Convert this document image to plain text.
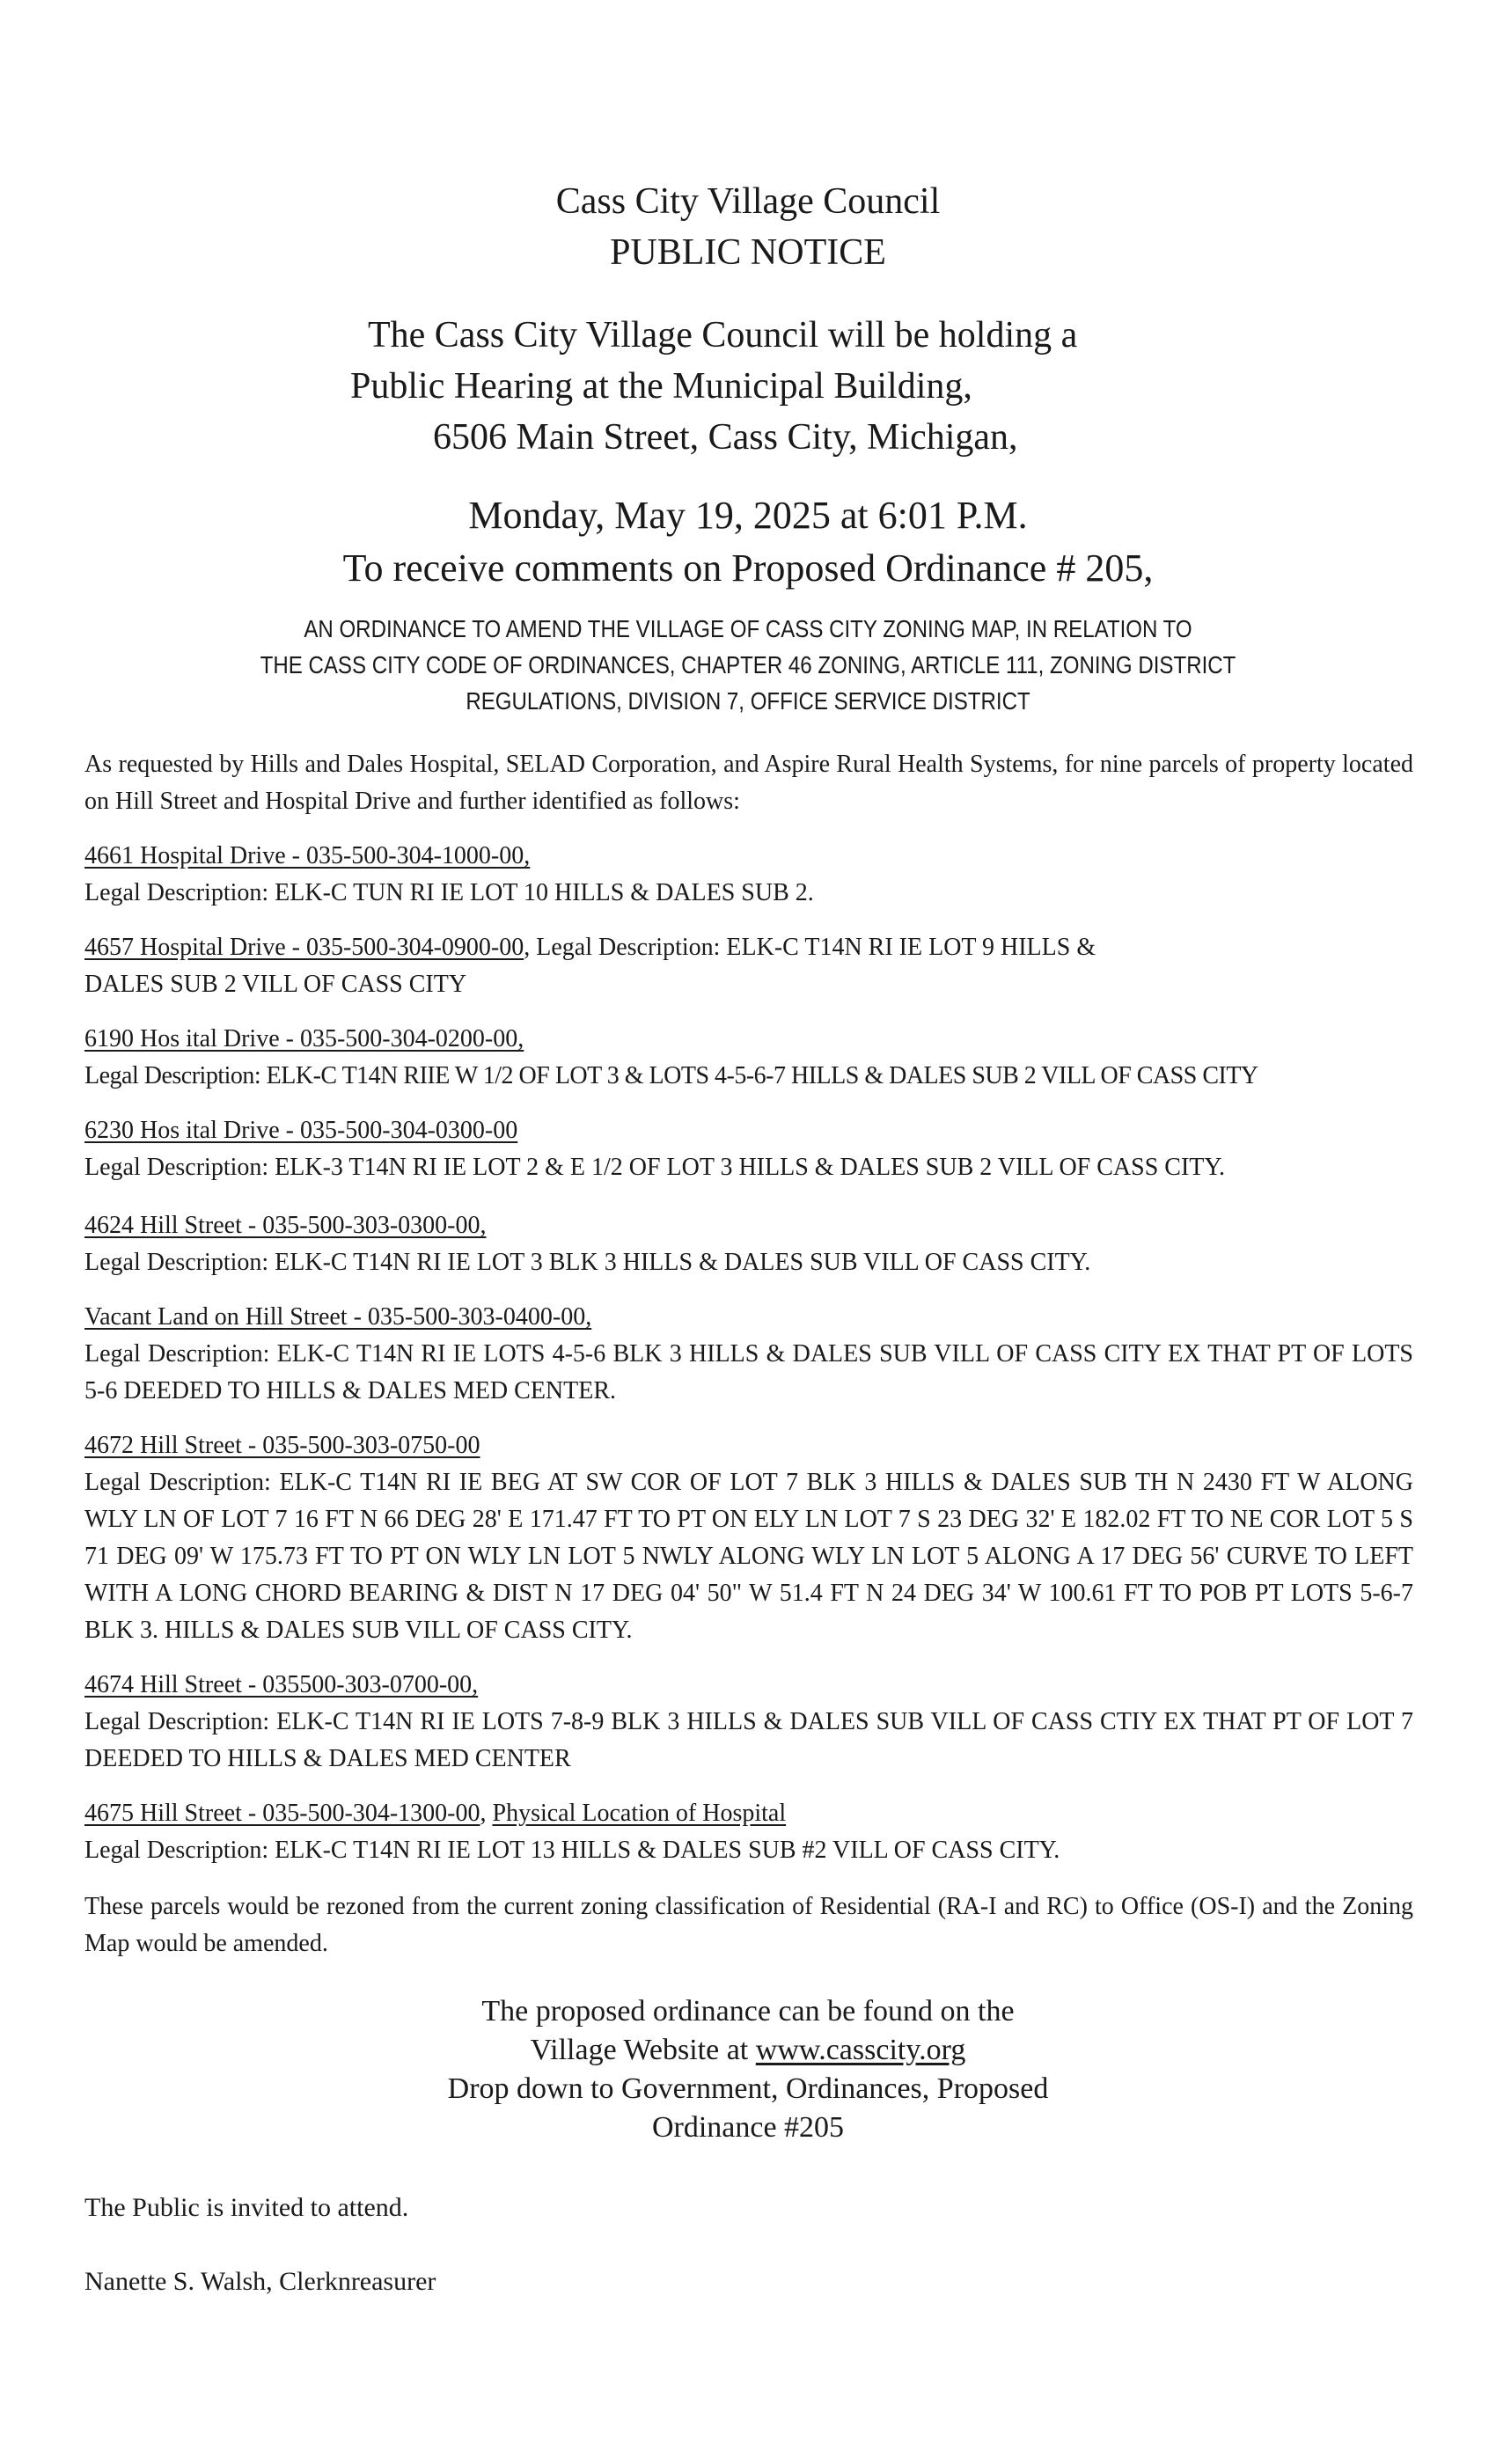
Cass City Village Council
PUBLIC NOTICE
The Cass City Village Council will be holding a
Public Hearing at the Municipal Building,
6506 Main Street, Cass City, Michigan,
Monday, May 19, 2025 at 6:01 P.M.
To receive comments on Proposed Ordinance # 205,
AN ORDINANCE TO AMEND THE VILLAGE OF CASS CITY ZONING MAP, IN RELATION TO
THE CASS CITY CODE OF ORDINANCES, CHAPTER 46 ZONING, ARTICLE 111, ZONING DISTRICT
REGULATIONS, DIVISION 7, OFFICE SERVICE DISTRICT

As requested by Hills and Dales Hospital, SELAD Corporation, and Aspire Rural Health Systems, for nine parcels of property located on Hill Street and Hospital Drive and further identified as follows:

4661 Hospital Drive - 035-500-304-1000-00,
Legal Description: ELK-C TUN RI IE LOT 10 HILLS & DALES SUB 2.
4657 Hospital Drive - 035-500-304-0900-00, Legal Description: ELK-C T14N RI IE LOT 9 HILLS &
DALES SUB 2 VILL OF CASS CITY
6190 Hos ital Drive - 035-500-304-0200-00,
Legal Description: ELK-C T14N RIIE W 1/2 OF LOT 3 & LOTS 4-5-6-7 HILLS & DALES SUB 2 VILL OF CASS CITY
6230 Hos ital Drive - 035-500-304-0300-00
Legal Description: ELK-3 T14N RI IE LOT 2 & E 1/2 OF LOT 3 HILLS & DALES SUB 2 VILL OF CASS CITY.
4624 Hill Street - 035-500-303-0300-00,
Legal Description: ELK-C T14N RI IE LOT 3 BLK 3 HILLS & DALES SUB VILL OF CASS CITY.
Vacant Land on Hill Street - 035-500-303-0400-00,
Legal Description: ELK-C T14N RI IE LOTS 4-5-6 BLK 3 HILLS & DALES SUB VILL OF CASS CITY EX THAT PT OF LOTS 5-6 DEEDED TO HILLS & DALES MED CENTER.
4672 Hill Street - 035-500-303-0750-00
Legal Description: ELK-C T14N RI IE BEG AT SW COR OF LOT 7 BLK 3 HILLS & DALES SUB TH N 2430 FT W ALONG WLY LN OF LOT 7 16 FT N 66 DEG 28' E 171.47 FT TO PT ON ELY LN LOT 7 S 23 DEG 32' E 182.02 FT TO NE COR LOT 5 S 71 DEG 09' W 175.73 FT TO PT ON WLY LN LOT 5 NWLY ALONG WLY LN LOT 5 ALONG A 17 DEG 56' CURVE TO LEFT WITH A LONG CHORD BEARING & DIST N 17 DEG 04' 50" W 51.4 FT N 24 DEG 34' W 100.61 FT TO POB PT LOTS 5-6-7 BLK 3. HILLS & DALES SUB VILL OF CASS CITY.
4674 Hill Street - 035500-303-0700-00,
Legal Description: ELK-C T14N RI IE LOTS 7-8-9 BLK 3 HILLS & DALES SUB VILL OF CASS CTIY EX THAT PT OF LOT 7 DEEDED TO HILLS & DALES MED CENTER
4675 Hill Street - 035-500-304-1300-00, Physical Location of Hospital
Legal Description: ELK-C T14N RI IE LOT 13 HILLS & DALES SUB #2 VILL OF CASS CITY.

These parcels would be rezoned from the current zoning classification of Residential (RA-I and RC) to Office (OS-I) and the Zoning Map would be amended.

The proposed ordinance can be found on the
Village Website at www.casscity.org
Drop down to Government, Ordinances, Proposed
Ordinance #205
The Public is invited to attend.
Nanette S. Walsh, Clerknreasurer
